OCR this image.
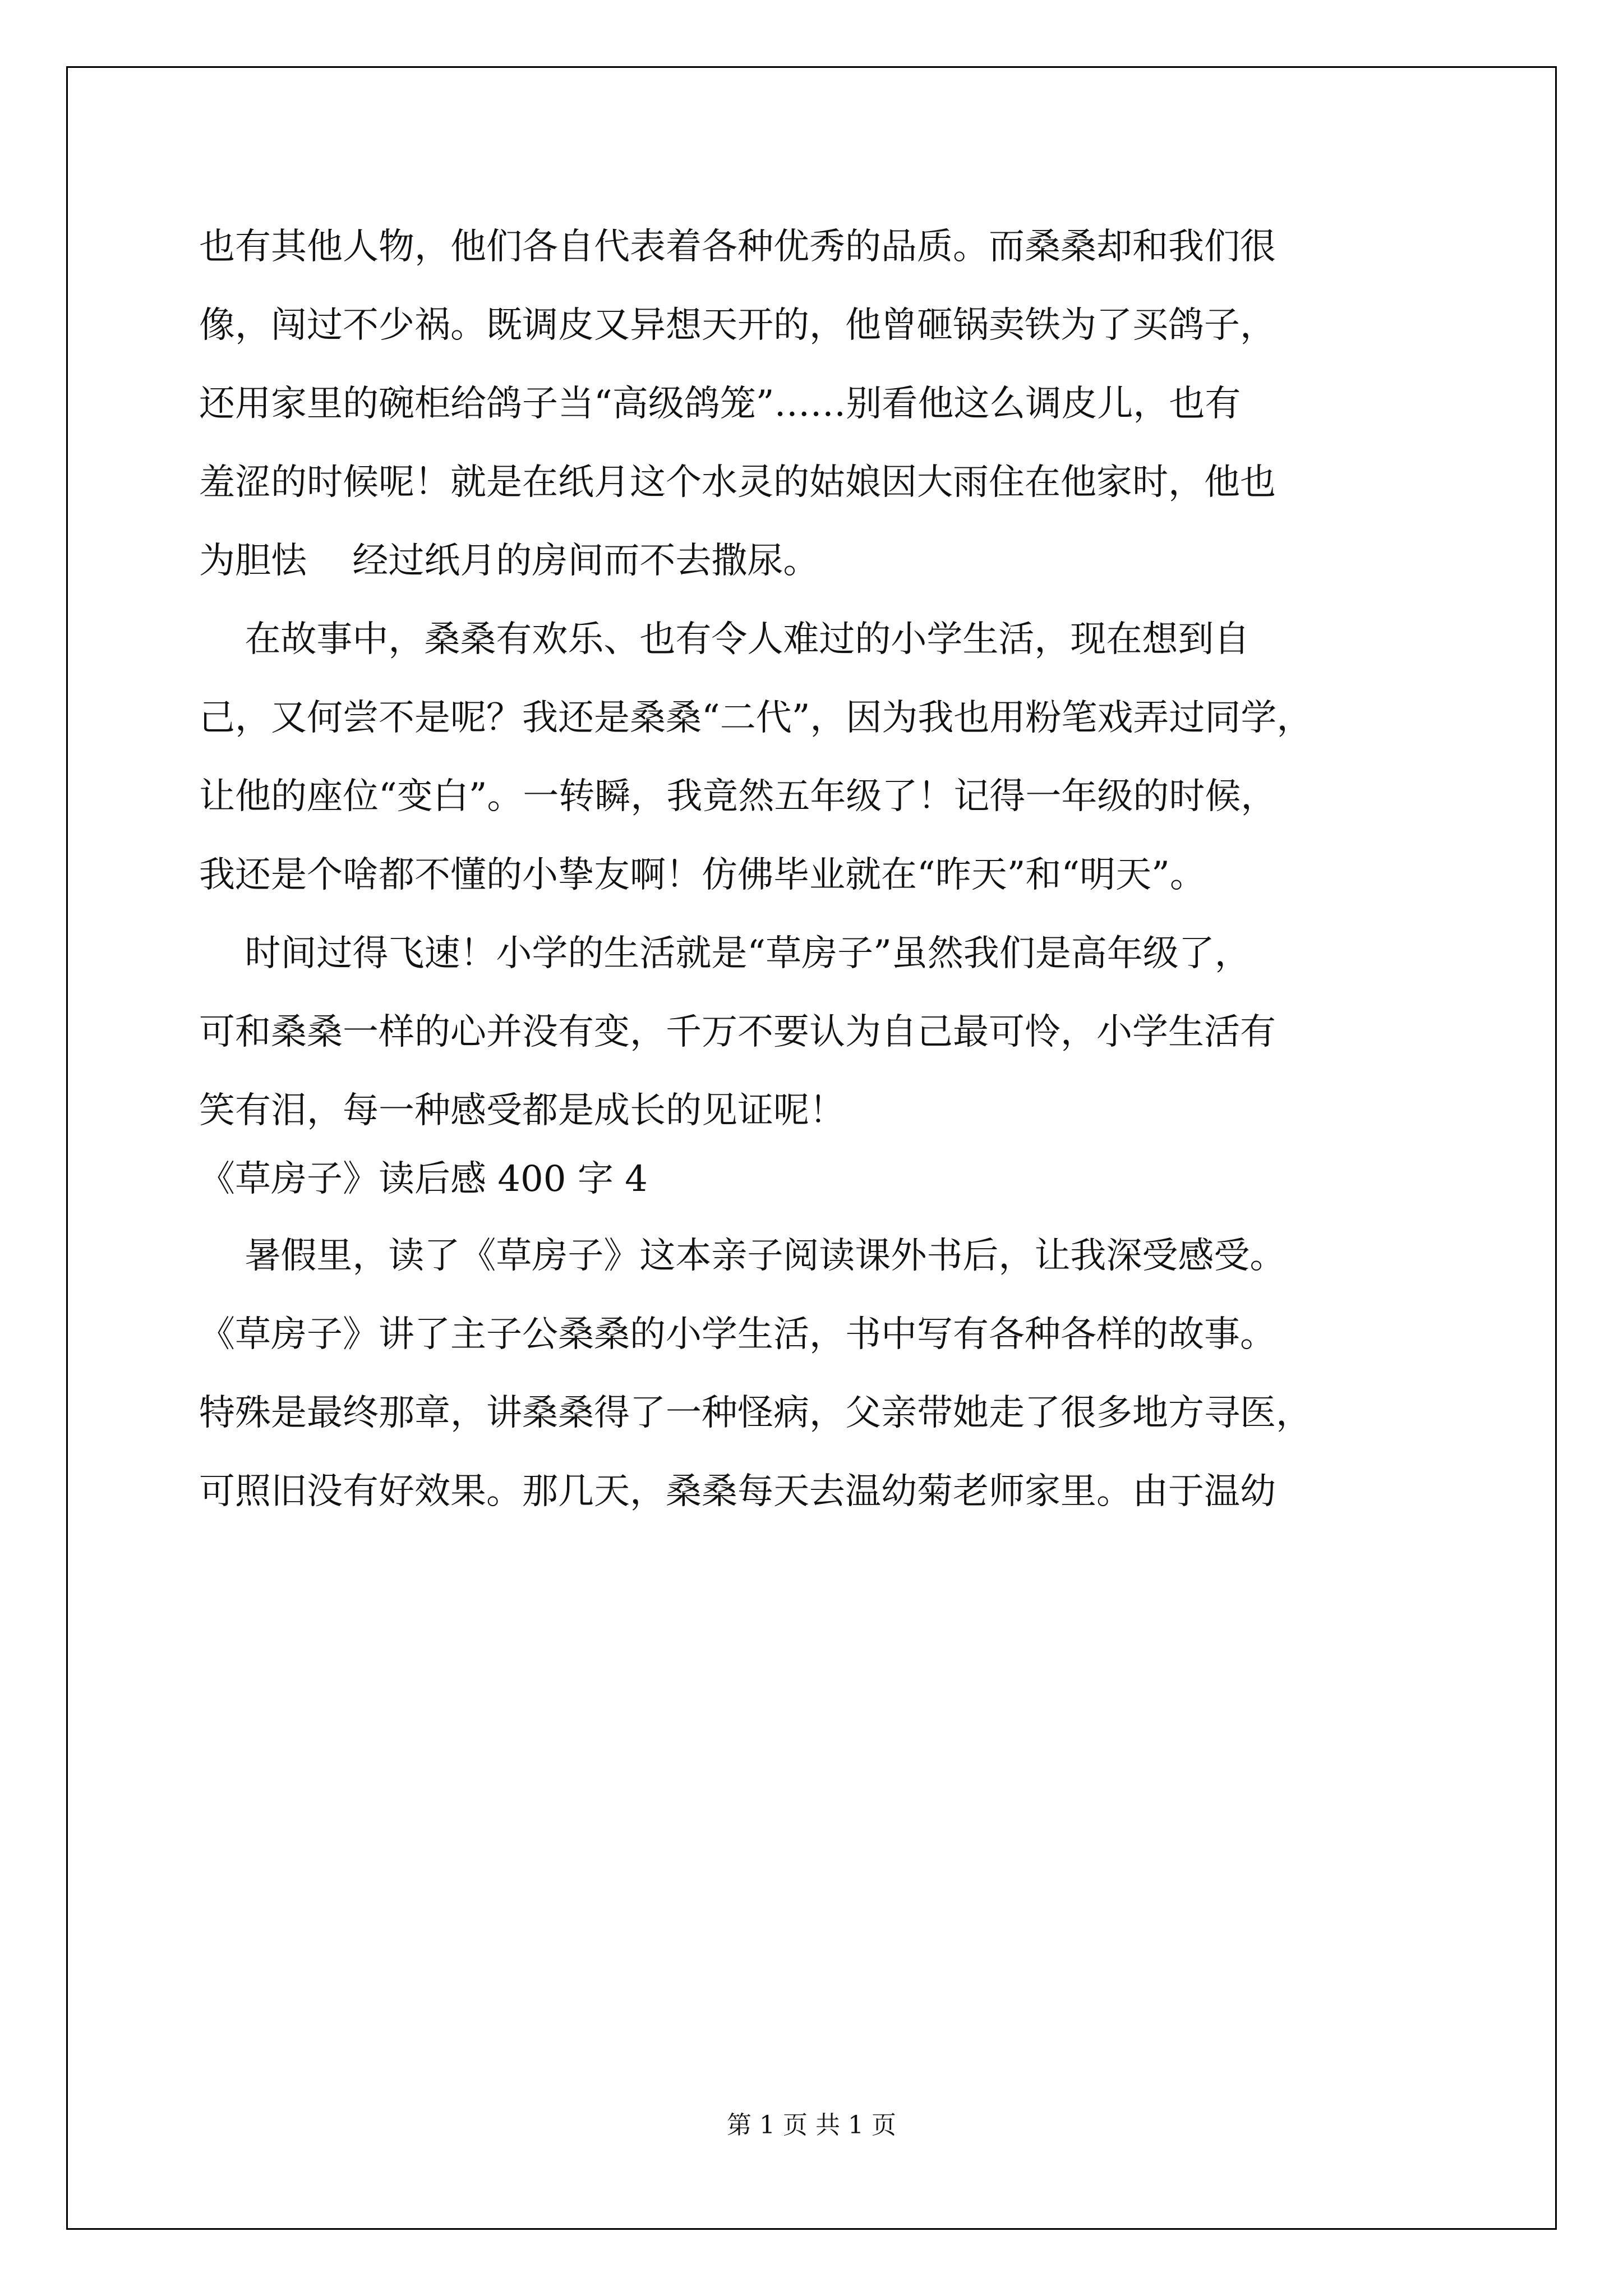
也有其他人物，他们各自代表着各种优秀的品质。而桑桑却和我们很
像，闯过不少祸。既调皮又异想天开的，他曾砸锅卖铁为了买鸽子，
还用家里的碗柜给鸽子当“高级鸽笼”……别看他这么调皮儿，也有
羞涩的时候呢！就是在纸月这个水灵的姑娘因大雨住在他家时，他也
为胆怯    经过纸月的房间而不去撒尿。
在故事中，桑桑有欢乐、也有令人难过的小学生活，现在想到自
己，又何尝不是呢？我还是桑桑“二代”，因为我也用粉笔戏弄过同学，
让他的座位“变白”。一转瞬，我竟然五年级了！记得一年级的时候，
我还是个啥都不懂的小挚友啊！仿佛毕业就在“昨天”和“明天”。
时间过得飞速！小学的生活就是“草房子”虽然我们是高年级了，
可和桑桑一样的心并没有变，千万不要认为自己最可怜，小学生活有
笑有泪，每一种感受都是成长的见证呢！
《草房子》读后感 400 字 4
暑假里，读了《草房子》这本亲子阅读课外书后，让我深受感受。
《草房子》讲了主子公桑桑的小学生活，书中写有各种各样的故事。
特殊是最终那章，讲桑桑得了一种怪病，父亲带她走了很多地方寻医，
可照旧没有好效果。那几天，桑桑每天去温幼菊老师家里。由于温幼
第 1 页 共 1 页
